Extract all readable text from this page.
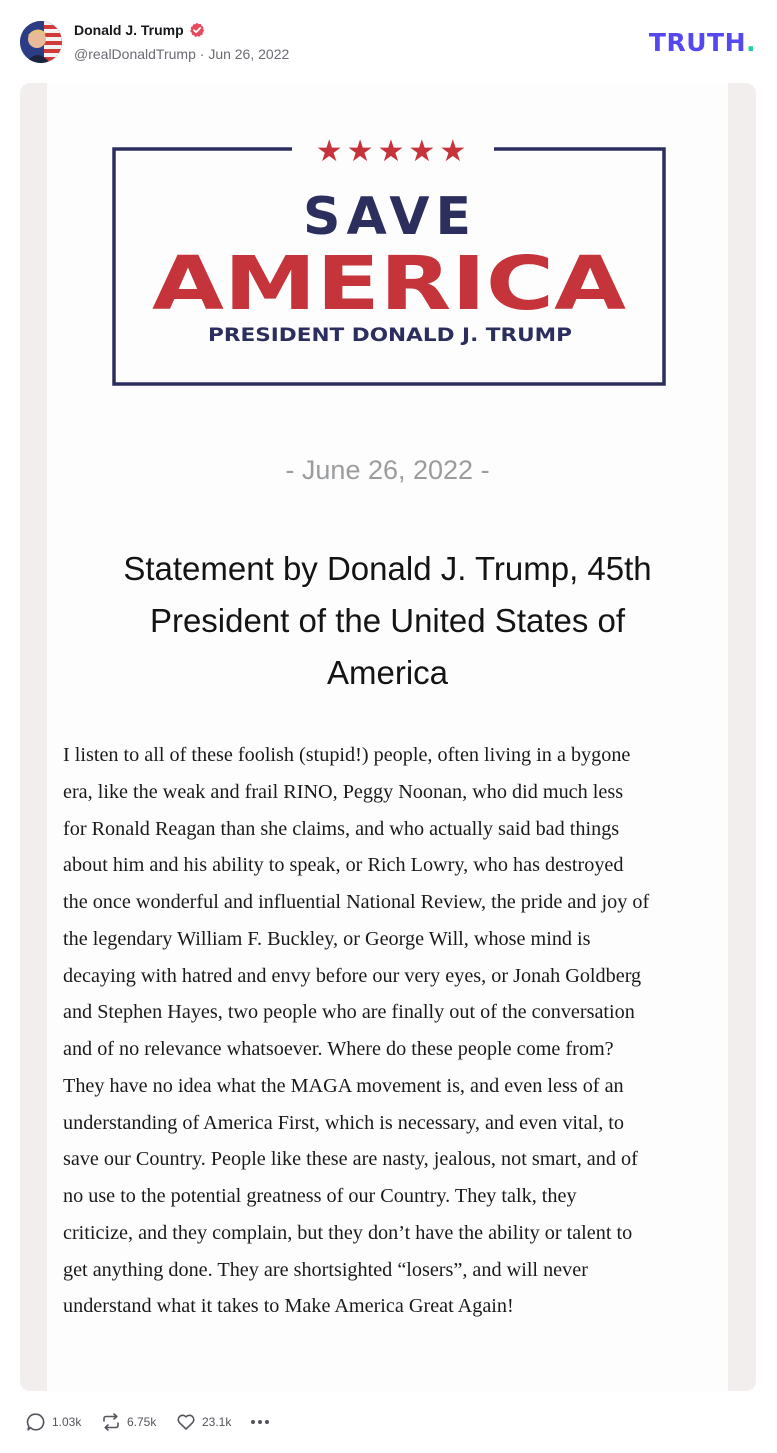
Donald J. Trump
@realDonaldTrump · Jun 26, 2022	TRUTH.
★★★★★
SAVE
AMERICA
PRESIDENT DONALD J. TRUMP
- June 26, 2022 -
Statement by Donald J. Trump, 45th President of the United States of America
I listen to all of these foolish (stupid!) people, often living in a bygone
era, like the weak and frail RINO, Peggy Noonan, who did much less
for Ronald Reagan than she claims, and who actually said bad things
about him and his ability to speak, or Rich Lowry, who has destroyed
the once wonderful and influential National Review, the pride and joy of
the legendary William F. Buckley, or George Will, whose mind is
decaying with hatred and envy before our very eyes, or Jonah Goldberg
and Stephen Hayes, two people who are finally out of the conversation
and of no relevance whatsoever. Where do these people come from?
They have no idea what the MAGA movement is, and even less of an
understanding of America First, which is necessary, and even vital, to
save our Country. People like these are nasty, jealous, not smart, and of
no use to the potential greatness of our Country. They talk, they
criticize, and they complain, but they don’t have the ability or talent to
get anything done. They are shortsighted “losers”, and will never
understand what it takes to Make America Great Again!
1.03k	6.75k	23.1k
